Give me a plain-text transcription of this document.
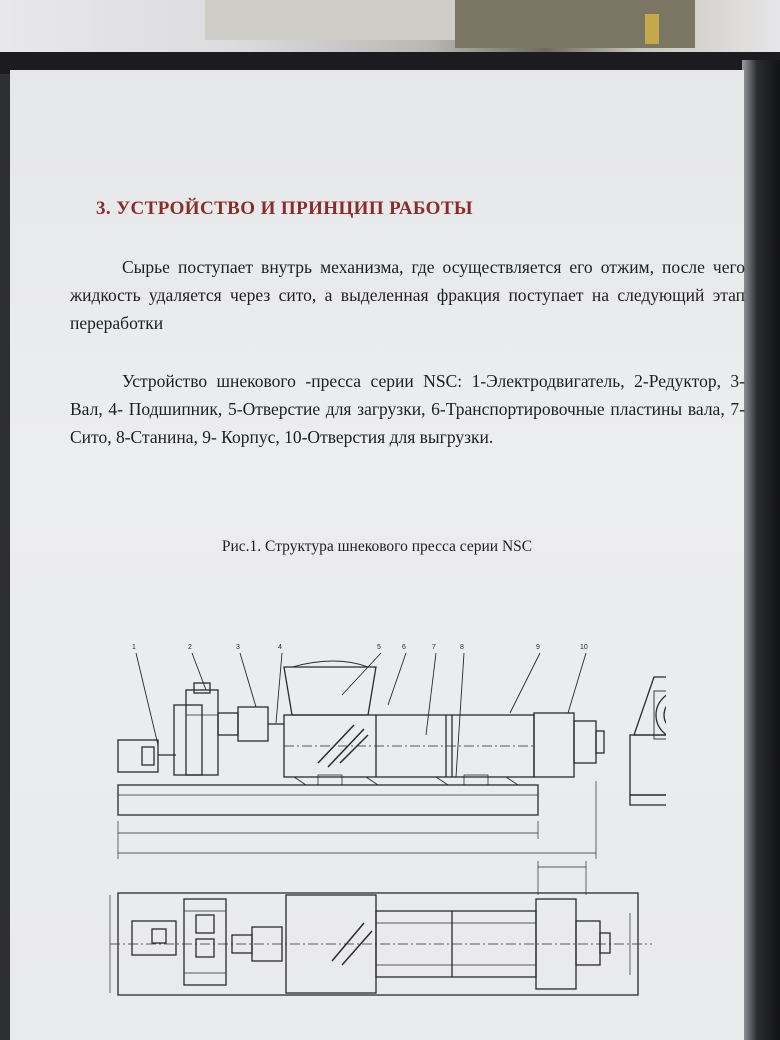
3. УСТРОЙСТВО И ПРИНЦИП РАБОТЫ
Сырье поступает внутрь механизма, где осуществляется его отжим, после чего жидкость удаляется через сито, а выделенная фракция поступает на следующий этап переработки
Устройство шнекового -пресса серии NSC: 1-Электродвигатель, 2-Редуктор, 3- Вал, 4- Подшипник, 5-Отверстие для загрузки, 6-Транспортировочные пластины вала, 7- Сито, 8-Станина, 9- Корпус, 10-Отверстия для выгрузки.
Рис.1. Структура шнекового пресса серии NSC
1	2	3	4	5	6	7	8	9	10
